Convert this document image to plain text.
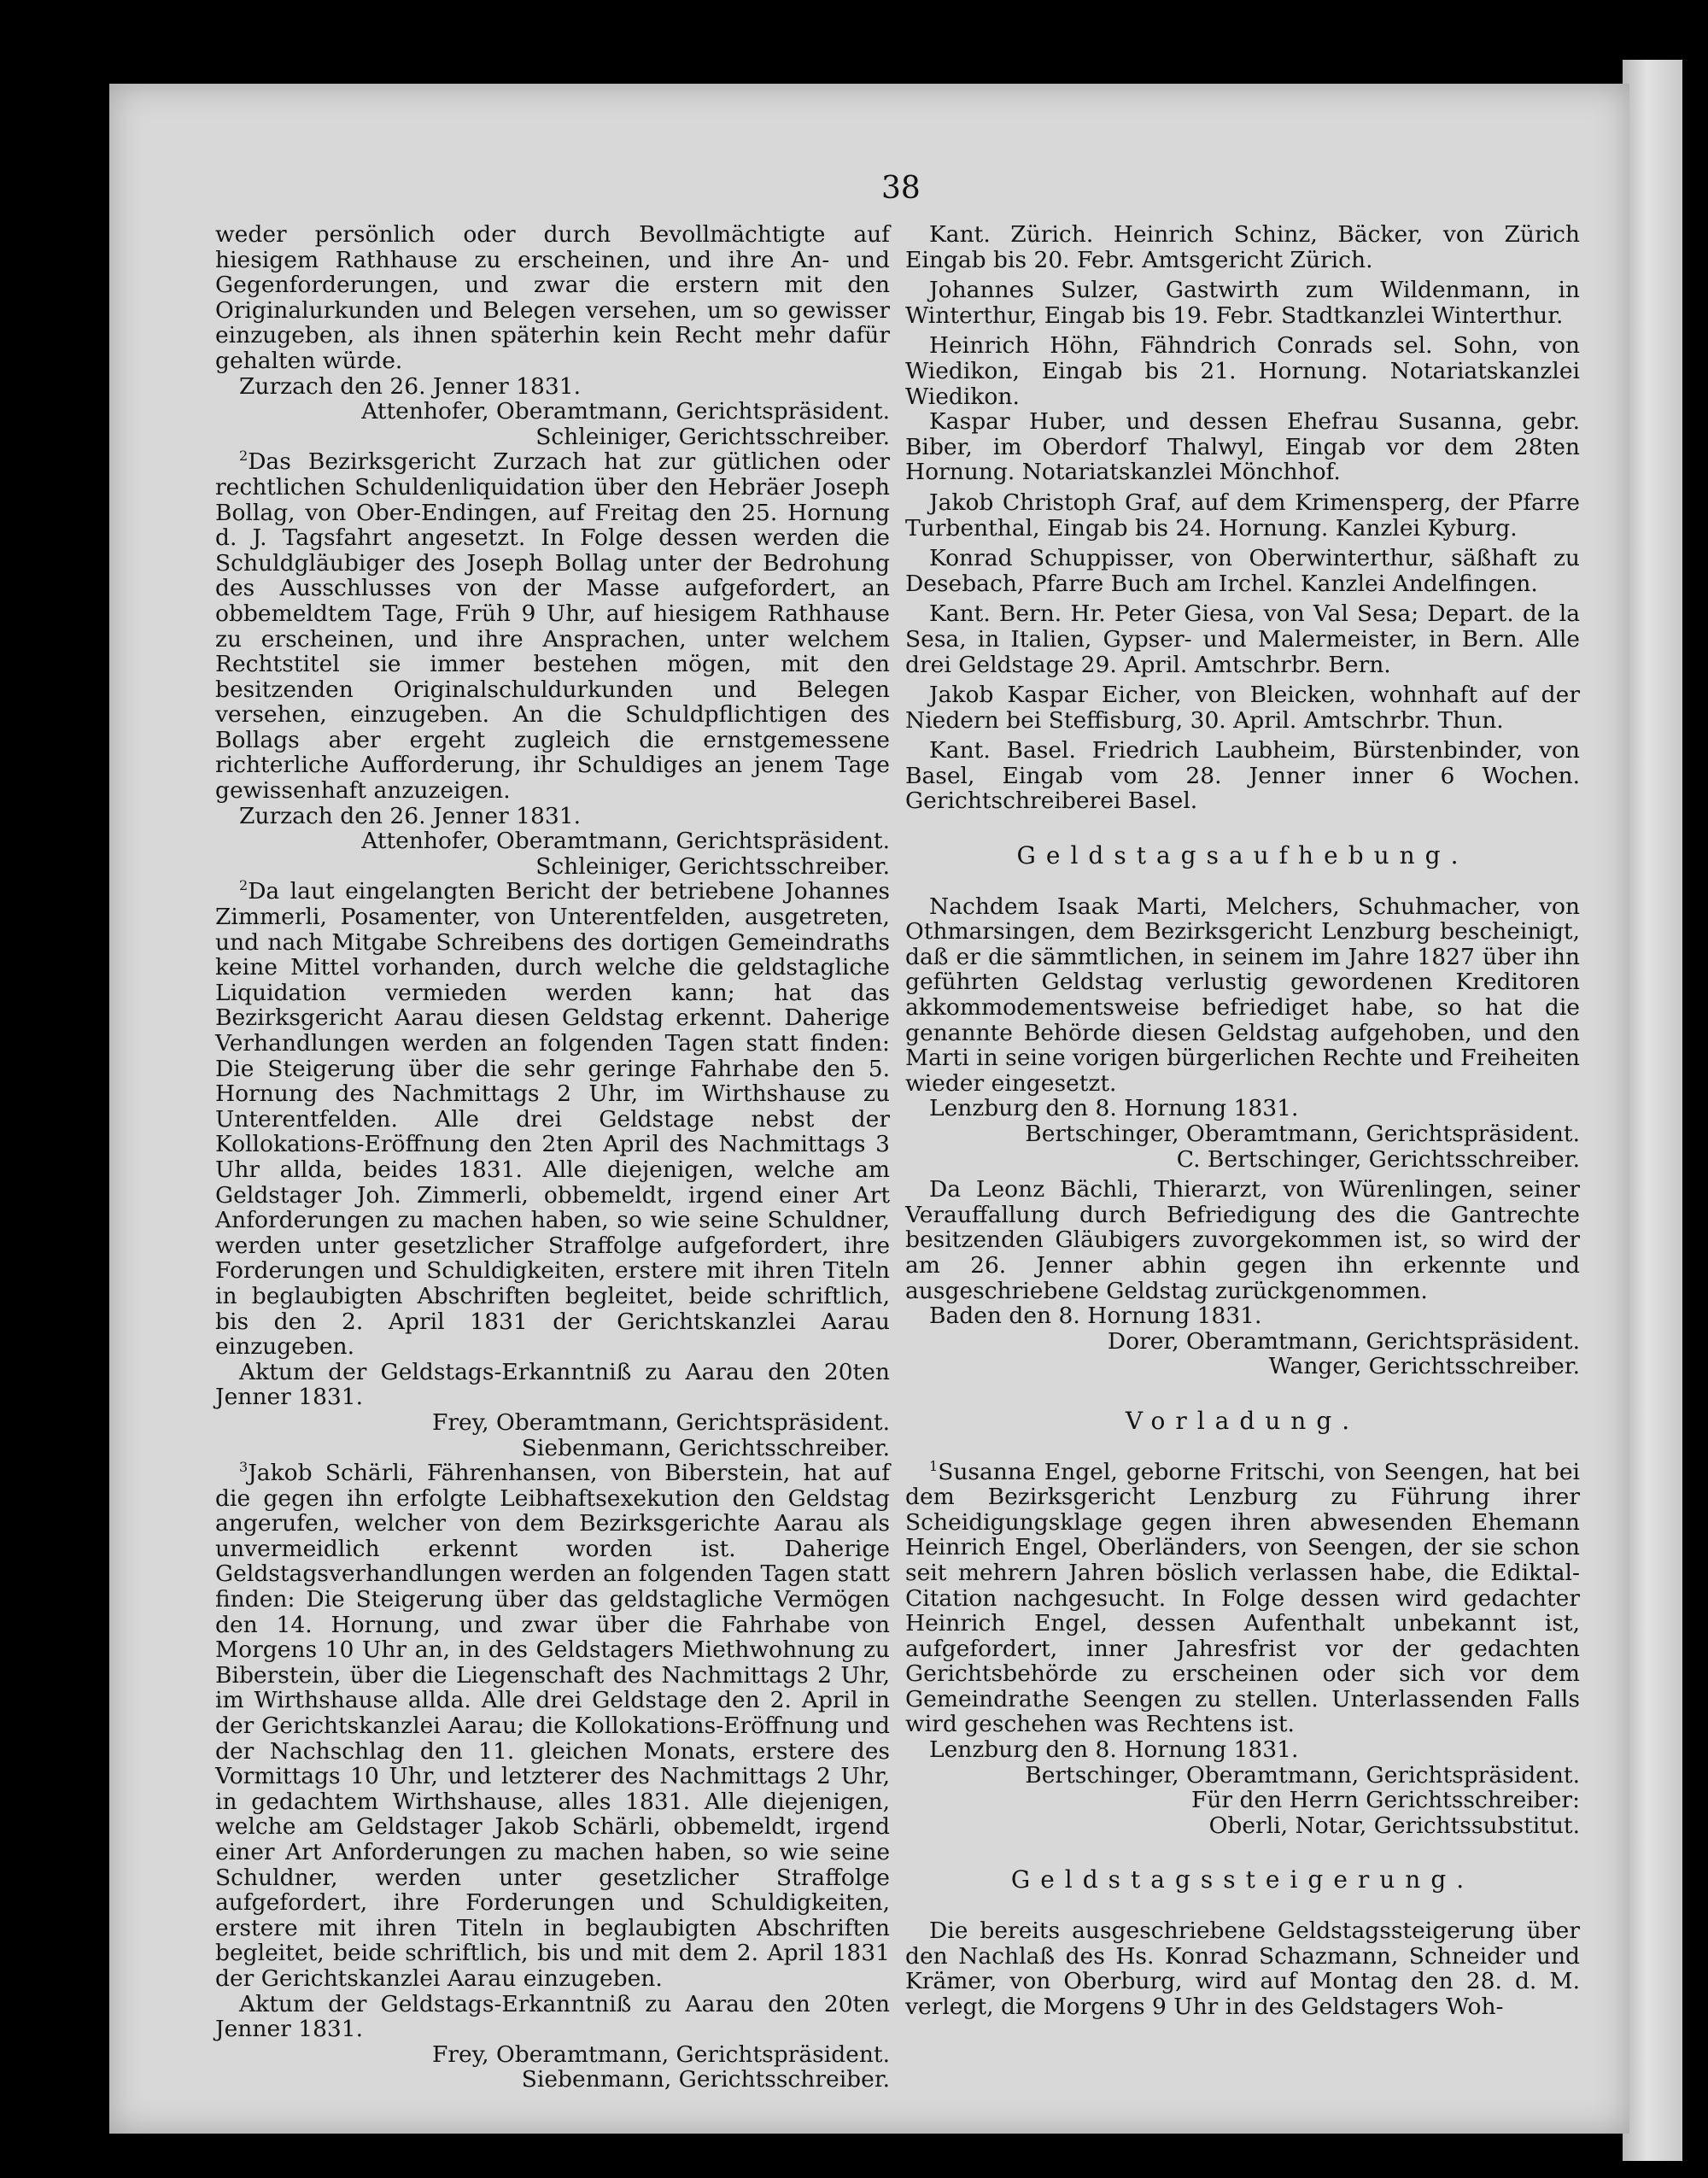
38

weder persönlich oder durch Bevollmächtigte auf hiesigem Rathhause zu erscheinen, und ihre An- und Gegenforderungen, und zwar die erstern mit den Originalurkunden und Belegen versehen, um so gewisser einzugeben, als ihnen späterhin kein Recht mehr dafür gehalten würde.

Zurzach den 26. Jenner 1831.

Attenhofer, Oberamtmann, Gerichtspräsident.

Schleiniger, Gerichtsschreiber.

$^2$Das Bezirksgericht Zurzach hat zur gütlichen oder rechtlichen Schuldenliquidation über den Hebräer Joseph Bollag, von Ober-Endingen, auf Freitag den 25. Hornung d. J. Tagsfahrt angesetzt. In Folge dessen werden die Schuldgläubiger des Joseph Bollag unter der Bedrohung des Ausschlusses von der Masse aufgefordert, an obbemeldtem Tage, Früh 9 Uhr, auf hiesigem Rathhause zu erscheinen, und ihre Ansprachen, unter welchem Rechtstitel sie immer bestehen mögen, mit den besitzenden Originalschuldurkunden und Belegen versehen, einzugeben. An die Schuldpflichtigen des Bollags aber ergeht zugleich die ernstgemessene richterliche Aufforderung, ihr Schuldiges an jenem Tage gewissenhaft anzuzeigen.

Zurzach den 26. Jenner 1831.

Attenhofer, Oberamtmann, Gerichtspräsident.

Schleiniger, Gerichtsschreiber.

$^2$Da laut eingelangten Bericht der betriebene Johannes Zimmerli, Posamenter, von Unterentfelden, ausgetreten, und nach Mitgabe Schreibens des dortigen Gemeindraths keine Mittel vorhanden, durch welche die geldstagliche Liquidation vermieden werden kann; hat das Bezirksgericht Aarau diesen Geldstag erkennt. Daherige Verhandlungen werden an folgenden Tagen statt finden: Die Steigerung über die sehr geringe Fahrhabe den 5. Hornung des Nachmittags 2 Uhr, im Wirthshause zu Unterentfelden. Alle drei Geldstage nebst der Kollokations-Eröffnung den 2ten April des Nachmittags 3 Uhr allda, beides 1831. Alle diejenigen, welche am Geldstager Joh. Zimmerli, obbemeldt, irgend einer Art Anforderungen zu machen haben, so wie seine Schuldner, werden unter gesetzlicher Straffolge aufgefordert, ihre Forderungen und Schuldigkeiten, erstere mit ihren Titeln in beglaubigten Abschriften begleitet, beide schriftlich, bis den 2. April 1831 der Gerichtskanzlei Aarau einzugeben.

Aktum der Geldstags-Erkanntniß zu Aarau den 20ten Jenner 1831.

Frey, Oberamtmann, Gerichtspräsident.

Siebenmann, Gerichtsschreiber.

$^3$Jakob Schärli, Fährenhansen, von Biberstein, hat auf die gegen ihn erfolgte Leibhaftsexekution den Geldstag angerufen, welcher von dem Bezirksgerichte Aarau als unvermeidlich erkennt worden ist. Daherige Geldstagsverhandlungen werden an folgenden Tagen statt finden: Die Steigerung über das geldstagliche Vermögen den 14. Hornung, und zwar über die Fahrhabe von Morgens 10 Uhr an, in des Geldstagers Miethwohnung zu Biberstein, über die Liegenschaft des Nachmittags 2 Uhr, im Wirthshause allda. Alle drei Geldstage den 2. April in der Gerichtskanzlei Aarau; die Kollokations-Eröffnung und der Nachschlag den 11. gleichen Monats, erstere des Vormittags 10 Uhr, und letzterer des Nachmittags 2 Uhr, in gedachtem Wirthshause, alles 1831. Alle diejenigen, welche am Geldstager Jakob Schärli, obbemeldt, irgend einer Art Anforderungen zu machen haben, so wie seine Schuldner, werden unter gesetzlicher Straffolge aufgefordert, ihre Forderungen und Schuldigkeiten, erstere mit ihren Titeln in beglaubigten Abschriften begleitet, beide schriftlich, bis und mit dem 2. April 1831 der Gerichtskanzlei Aarau einzugeben.

Aktum der Geldstags-Erkanntniß zu Aarau den 20ten Jenner 1831.

Frey, Oberamtmann, Gerichtspräsident.

Siebenmann, Gerichtsschreiber.

Kant. Zürich. Heinrich Schinz, Bäcker, von Zürich Eingab bis 20. Febr. Amtsgericht Zürich.

Johannes Sulzer, Gastwirth zum Wildenmann, in Winterthur, Eingab bis 19. Febr. Stadtkanzlei Winterthur.

Heinrich Höhn, Fähndrich Conrads sel. Sohn, von Wiedikon, Eingab bis 21. Hornung. Notariatskanzlei Wiedikon.

Kaspar Huber, und dessen Ehefrau Susanna, gebr. Biber, im Oberdorf Thalwyl, Eingab vor dem 28ten Hornung. Notariatskanzlei Mönchhof.

Jakob Christoph Graf, auf dem Krimensperg, der Pfarre Turbenthal, Eingab bis 24. Hornung. Kanzlei Kyburg.

Konrad Schuppisser, von Oberwinterthur, säßhaft zu Desebach, Pfarre Buch am Irchel. Kanzlei Andelfingen.

Kant. Bern. Hr. Peter Giesa, von Val Sesa; Depart. de la Sesa, in Italien, Gypser- und Malermeister, in Bern. Alle drei Geldstage 29. April. Amtschrbr. Bern.

Jakob Kaspar Eicher, von Bleicken, wohnhaft auf der Niedern bei Steffisburg, 30. April. Amtschrbr. Thun.

Kant. Basel. Friedrich Laubheim, Bürstenbinder, von Basel, Eingab vom 28. Jenner inner 6 Wochen. Gerichtschreiberei Basel.

Geldstagsaufhebung.

Nachdem Isaak Marti, Melchers, Schuhmacher, von Othmarsingen, dem Bezirksgericht Lenzburg bescheinigt, daß er die sämmtlichen, in seinem im Jahre 1827 über ihn geführten Geldstag verlustig gewordenen Kreditoren akkommodementsweise befriediget habe, so hat die genannte Behörde diesen Geldstag aufgehoben, und den Marti in seine vorigen bürgerlichen Rechte und Freiheiten wieder eingesetzt.

Lenzburg den 8. Hornung 1831.

Bertschinger, Oberamtmann, Gerichtspräsident.

C. Bertschinger, Gerichtsschreiber.

Da Leonz Bächli, Thierarzt, von Würenlingen, seiner Verauffallung durch Befriedigung des die Gantrechte besitzenden Gläubigers zuvorgekommen ist, so wird der am 26. Jenner abhin gegen ihn erkennte und ausgeschriebene Geldstag zurückgenommen.

Baden den 8. Hornung 1831.

Dorer, Oberamtmann, Gerichtspräsident.

Wanger, Gerichtsschreiber.

Vorladung.

$^1$Susanna Engel, geborne Fritschi, von Seengen, hat bei dem Bezirksgericht Lenzburg zu Führung ihrer Scheidigungsklage gegen ihren abwesenden Ehemann Heinrich Engel, Oberländers, von Seengen, der sie schon seit mehrern Jahren böslich verlassen habe, die Ediktal-Citation nachgesucht. In Folge dessen wird gedachter Heinrich Engel, dessen Aufenthalt unbekannt ist, aufgefordert, inner Jahresfrist vor der gedachten Gerichtsbehörde zu erscheinen oder sich vor dem Gemeindrathe Seengen zu stellen. Unterlassenden Falls wird geschehen was Rechtens ist.

Lenzburg den 8. Hornung 1831.

Bertschinger, Oberamtmann, Gerichtspräsident.

Für den Herrn Gerichtsschreiber:

Oberli, Notar, Gerichtssubstitut.

Geldstagssteigerung.

Die bereits ausgeschriebene Geldstagssteigerung über den Nachlaß des Hs. Konrad Schazmann, Schneider und Krämer, von Oberburg, wird auf Montag den 28. d. M. verlegt, die Morgens 9 Uhr in des Geldstagers Woh-
